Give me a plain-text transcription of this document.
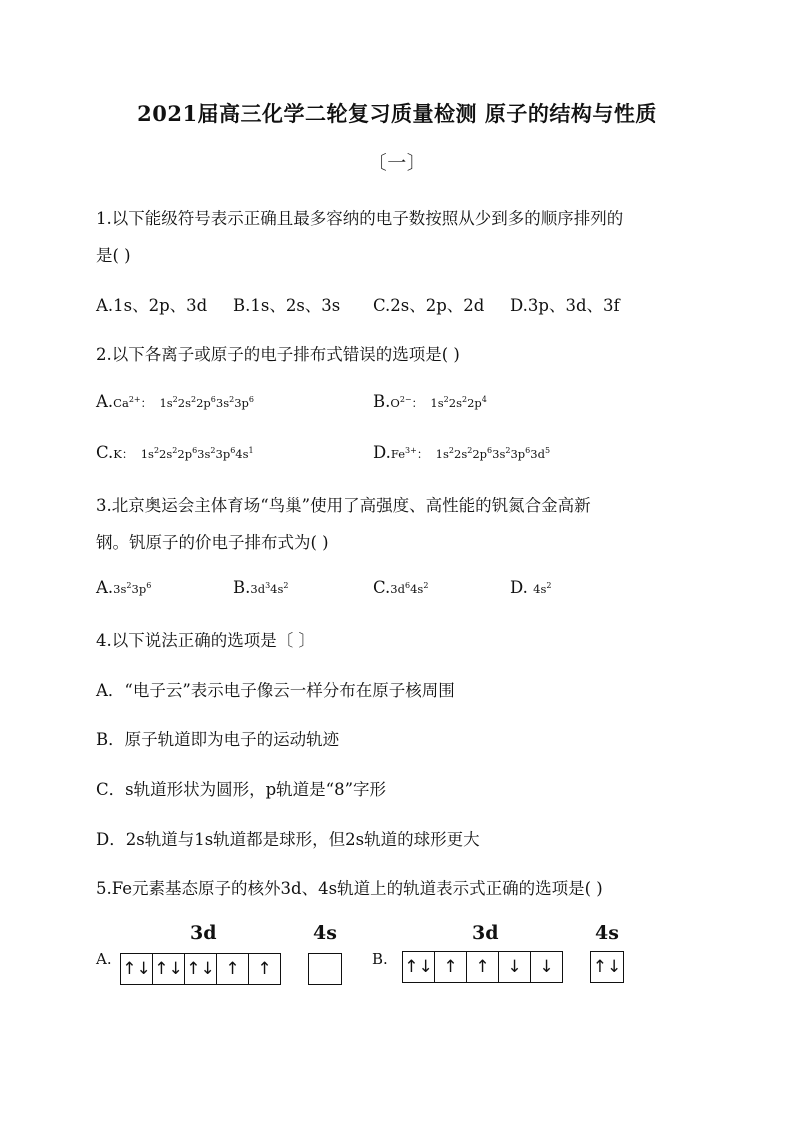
2021届高三化学二轮复习质量检测 原子的结构与性质
〔一〕
1.以下能级符号表示正确且最多容纳的电子数按照从少到多的顺序排列的
是( )
A.1s、2p、3d B.1s、2s、3s C.2s、2p、2d D.3p、3d、3f
2.以下各离子或原子的电子排布式错误的选项是( )
$A.Ca^{2+}$： $1s^22s^22p^63s^23p^6$	$B.O^{2-}$： $1s^22s^22p^4$
C.K： $1s^22s^22p^63s^23p^64s^1$	$D.Fe^{3+}$： $1s^22s^22p^63s^23p^63d^5$
3.北京奥运会主体育场“鸟巢”使用了高强度、高性能的钒氮合金高新
钢。钒原子的价电子排布式为( )
$A.3s^23p^6$	$B.3d^34s^2$	$C.3d^64s^2$	D. $4s^2$
4.以下说法正确的选项是〔 〕
A．“电子云”表示电子像云一样分布在原子核周围
B．原子轨道即为电子的运动轨迹
C．s轨道形状为圆形，p轨道是“8”字形
D．2s轨道与1s轨道都是球形，但2s轨道的球形更大
5.Fe元素基态原子的核外3d、4s轨道上的轨道表示式正确的选项是( )
A.
3d	4s
↑↓ ↑↓ ↑↓ ↑	↑	B.
3d	4s
↑↓ ↑	↑	↓	↓	↑↓
